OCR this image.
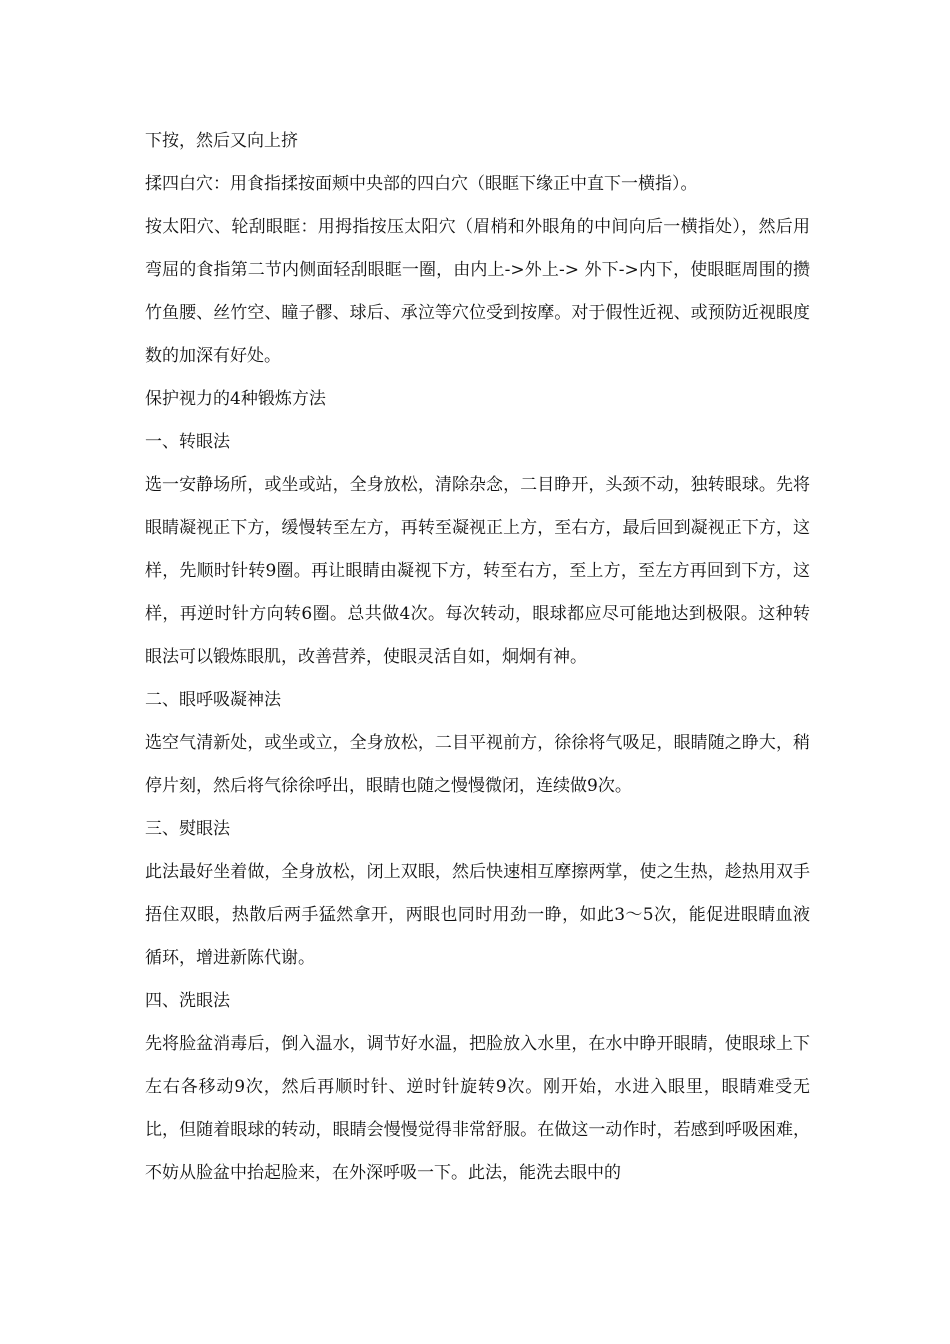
下按，然后又向上挤

揉四白穴：用食指揉按面颊中央部的四白穴（眼眶下缘正中直下一横指）。

按太阳穴、轮刮眼眶：用拇指按压太阳穴（眉梢和外眼角的中间向后一横指处），然后用弯屈的食指第二节内侧面轻刮眼眶一圈，由内上->外上-> 外下->内下，使眼眶周围的攒竹鱼腰、丝竹空、瞳子髎、球后、承泣等穴位受到按摩。对于假性近视、或预防近视眼度数的加深有好处。

保护视力的4种锻炼方法

一、转眼法

选一安静场所，或坐或站，全身放松，清除杂念，二目睁开，头颈不动，独转眼球。先将眼睛凝视正下方，缓慢转至左方，再转至凝视正上方，至右方，最后回到凝视正下方，这样，先顺时针转9圈。再让眼睛由凝视下方，转至右方，至上方，至左方再回到下方，这样，再逆时针方向转6圈。总共做4次。每次转动，眼球都应尽可能地达到极限。这种转眼法可以锻炼眼肌，改善营养，使眼灵活自如，炯炯有神。

二、眼呼吸凝神法

选空气清新处，或坐或立，全身放松，二目平视前方，徐徐将气吸足，眼睛随之睁大，稍停片刻，然后将气徐徐呼出，眼睛也随之慢慢微闭，连续做9次。

三、熨眼法

此法最好坐着做，全身放松，闭上双眼，然后快速相互摩擦两掌，使之生热，趁热用双手捂住双眼，热散后两手猛然拿开，两眼也同时用劲一睁，如此3～5次，能促进眼睛血液循环，增进新陈代谢。

四、洗眼法

先将脸盆消毒后，倒入温水，调节好水温，把脸放入水里，在水中睁开眼睛，使眼球上下左右各移动9次，然后再顺时针、逆时针旋转9次。刚开始，水进入眼里，眼睛难受无比，但随着眼球的转动，眼睛会慢慢觉得非常舒服。在做这一动作时，若感到呼吸困难，不妨从脸盆中抬起脸来，在外深呼吸一下。此法，能洗去眼中的
